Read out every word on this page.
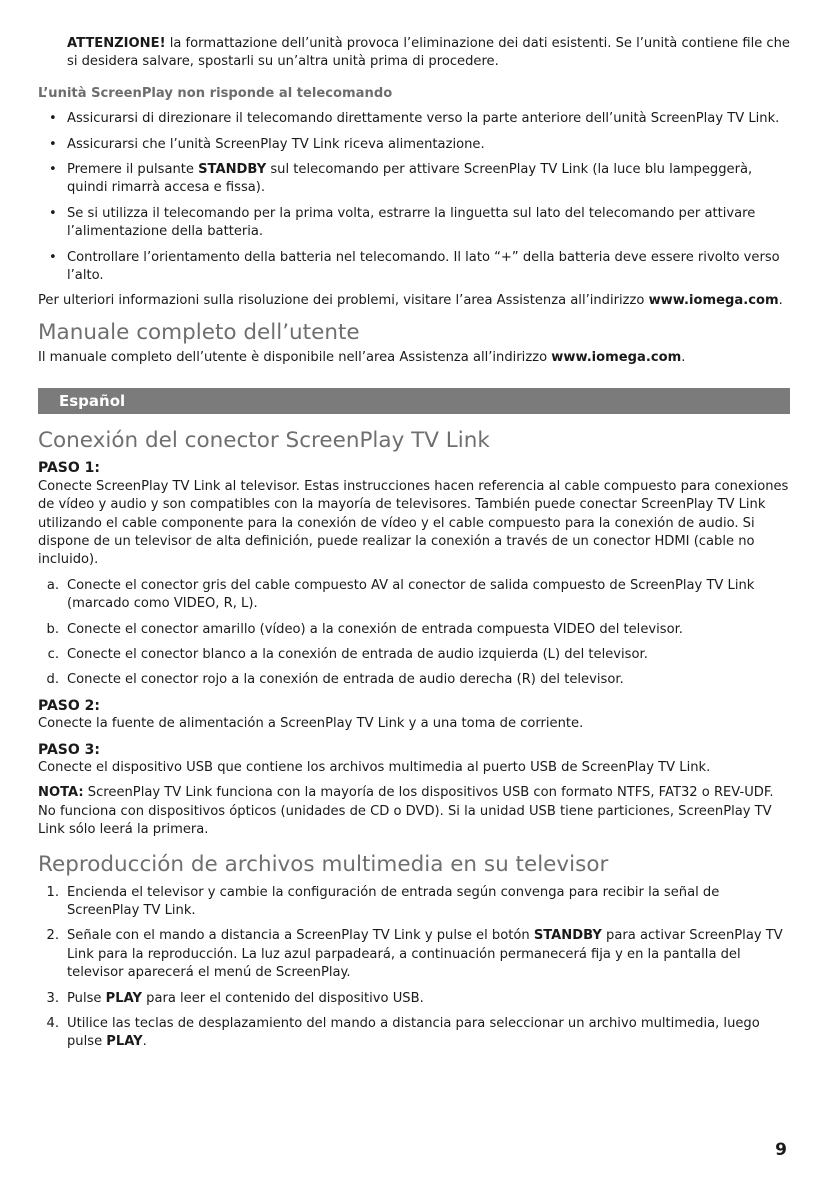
ATTENZIONE! la formattazione dell’unità provoca l’eliminazione dei dati esistenti. Se l’unità contiene file che si desidera salvare, spostarli su un’altra unità prima di procedere.

L’unità ScreenPlay non risponde al telecomando

• Assicurarsi di direzionare il telecomando direttamente verso la parte anteriore dell’unità ScreenPlay TV Link.
• Assicurarsi che l’unità ScreenPlay TV Link riceva alimentazione.
• Premere il pulsante STANDBY sul telecomando per attivare ScreenPlay TV Link (la luce blu lampeggerà, quindi rimarrà accesa e fissa).
• Se si utilizza il telecomando per la prima volta, estrarre la linguetta sul lato del telecomando per attivare l’alimentazione della batteria.
• Controllare l’orientamento della batteria nel telecomando. Il lato “+” della batteria deve essere rivolto verso l’alto.

Per ulteriori informazioni sulla risoluzione dei problemi, visitare l’area Assistenza all’indirizzo www.iomega.com.

Manuale completo dell’utente

Il manuale completo dell’utente è disponibile nell’area Assistenza all’indirizzo www.iomega.com.

Español
Conexión del conector ScreenPlay TV Link

PASO 1:

Conecte ScreenPlay TV Link al televisor. Estas instrucciones hacen referencia al cable compuesto para conexiones de vídeo y audio y son compatibles con la mayoría de televisores. También puede conectar ScreenPlay TV Link utilizando el cable componente para la conexión de vídeo y el cable compuesto para la conexión de audio. Si dispone de un televisor de alta definición, puede realizar la conexión a través de un conector HDMI (cable no incluido).

a. Conecte el conector gris del cable compuesto AV al conector de salida compuesto de ScreenPlay TV Link (marcado como VIDEO, R, L).
b. Conecte el conector amarillo (vídeo) a la conexión de entrada compuesta VIDEO del televisor.
c. Conecte el conector blanco a la conexión de entrada de audio izquierda (L) del televisor.
d. Conecte el conector rojo a la conexión de entrada de audio derecha (R) del televisor.

PASO 2:

Conecte la fuente de alimentación a ScreenPlay TV Link y a una toma de corriente.

PASO 3:

Conecte el dispositivo USB que contiene los archivos multimedia al puerto USB de ScreenPlay TV Link.

NOTA: ScreenPlay TV Link funciona con la mayoría de los dispositivos USB con formato NTFS, FAT32 o REV-UDF. No funciona con dispositivos ópticos (unidades de CD o DVD). Si la unidad USB tiene particiones, ScreenPlay TV Link sólo leerá la primera.

Reproducción de archivos multimedia en su televisor
1. Encienda el televisor y cambie la configuración de entrada según convenga para recibir la señal de ScreenPlay TV Link.
2. Señale con el mando a distancia a ScreenPlay TV Link y pulse el botón STANDBY para activar ScreenPlay TV Link para la reproducción. La luz azul parpadeará, a continuación permanecerá fija y en la pantalla del televisor aparecerá el menú de ScreenPlay.
3. Pulse PLAY para leer el contenido del dispositivo USB.
4. Utilice las teclas de desplazamiento del mando a distancia para seleccionar un archivo multimedia, luego pulse PLAY.
9
